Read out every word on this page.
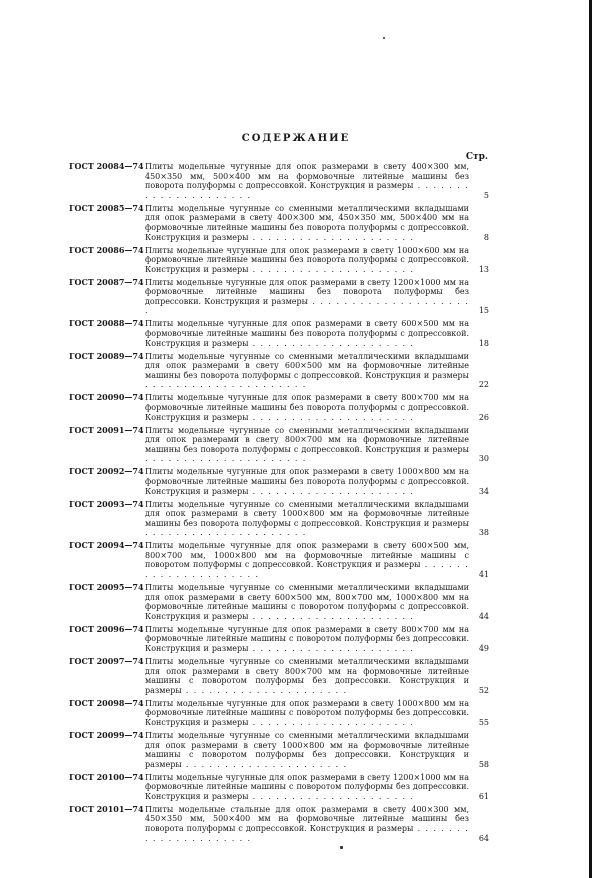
СОДЕРЖАНИЕ
Стр.
ГОСТ 20084—74 Плиты модельные чугунные для опок размерами в свету 400×300 мм, 450×350 мм, 500×400 мм на формовочные литейные машины без поворота полуформы с допрессовкой. Конструкция и размеры . . .
5
ГОСТ 20085—74 Плиты модельные чугунные со сменными металлическими вкладышами для опок размерами в свету 400×300 мм, 450×350 мм, 500×400 мм на формовочные литейные машины без поворота полуформы с допрессовкой. Конструкция и размеры . . .	8
ГОСТ 20086—74 Плиты модельные чугунные для опок размерами в свету 1000×600 мм на формовочные литейные машины без поворота полуформы с допрессовкой. Конструкция и размеры . . .	13
ГОСТ 20087—74 Плиты модельные чугунные для опок размерами в свету 1200×1000 мм на формовочные литейные машины без поворота полуформы без допрессовки. Конструкция и размеры . . .
15
ГОСТ 20088—74 Плиты модельные чугунные для опок размерами в свету 600×500 мм на формовочные литейные машины без поворота полуформы с допрессовкой. Конструкция и размеры . . .	18
ГОСТ 20089—74 Плиты модельные чугунные со сменными металлическими вкладышами для опок размерами в свету 600×500 мм на формовочные литейные машины без поворота полуформы с допрессовкой. Конструкция и размеры . . .
22
ГОСТ 20090—74 Плиты модельные чугунные для опок размерами в свету 800×700 мм на формовочные литейные машины без поворота полуформы с допрессовкой. Конструкция и размеры . . .	26
ГОСТ 20091—74 Плиты модельные чугунные со сменными металлическими вкладышами для опок размерами в свету 800×700 мм на формовочные литейные машины без поворота полуформы с допрессовкой. Конструкция и размеры . . .
30
ГОСТ 20092—74 Плиты модельные чугунные для опок размерами в свету 1000×800 мм на формовочные литейные машины без поворота полуформы с допрессовкой. Конструкция и размеры . . .	34
ГОСТ 20093—74 Плиты модельные чугунные со сменными металлическими вкладышами для опок размерами в свету 1000×800 мм на формовочные литейные машины без поворота полуформы с допрессовкой. Конструкция и размеры . . .
38
ГОСТ 20094—74 Плиты модельные чугунные для опок размерами в свету 600×500 мм, 800×700 мм, 1000×800 мм на формовочные литейные машины с поворотом полуформы с допрессовкой. Конструкция и размеры . . .
41
ГОСТ 20095—74 Плиты модельные чугунные со сменными металлическими вкладышами для опок размерами в свету 600×500 мм, 800×700 мм, 1000×800 мм на формовочные литейные машины с поворотом полуформы с допрессовкой. Конструкция и размеры . . .	44
ГОСТ 20096—74 Плиты модельные чугунные для опок размерами в свету 800×700 мм на формовочные литейные машины с поворотом полуформы без допрессовки. Конструкция и размеры . . .	49
ГОСТ 20097—74 Плиты модельные чугунные со сменными металлическими вкладышами для опок размерами в свету 800×700 мм на формовочные литейные машины с поворотом полуформы без допрессовки. Конструкция и размеры . . .	52
ГОСТ 20098—74 Плиты модельные чугунные для опок размерами в свету 1000×800 мм на формовочные литейные машины с поворотом полуформы без допрессовки. Конструкция и размеры . . .	55
ГОСТ 20099—74 Плиты модельные чугунные со сменными металлическими вкладышами для опок размерами в свету 1000×800 мм на формовочные литейные машины с поворотом полуформы без допрессовки. Конструкция и размеры . . .	58
ГОСТ 20100—74 Плиты модельные чугунные для опок размерами в свету 1200×1000 мм на формовочные литейные машины с поворотом полуформы без допрессовки. Конструкция и размеры . . .	61
ГОСТ 20101—74 Плиты модельные стальные для опок размерами в свету 400×300 мм, 450×350 мм, 500×400 мм на формовочные литейные машины без поворота полуформы с допрессовкой. Конструкция и размеры . . .
64
